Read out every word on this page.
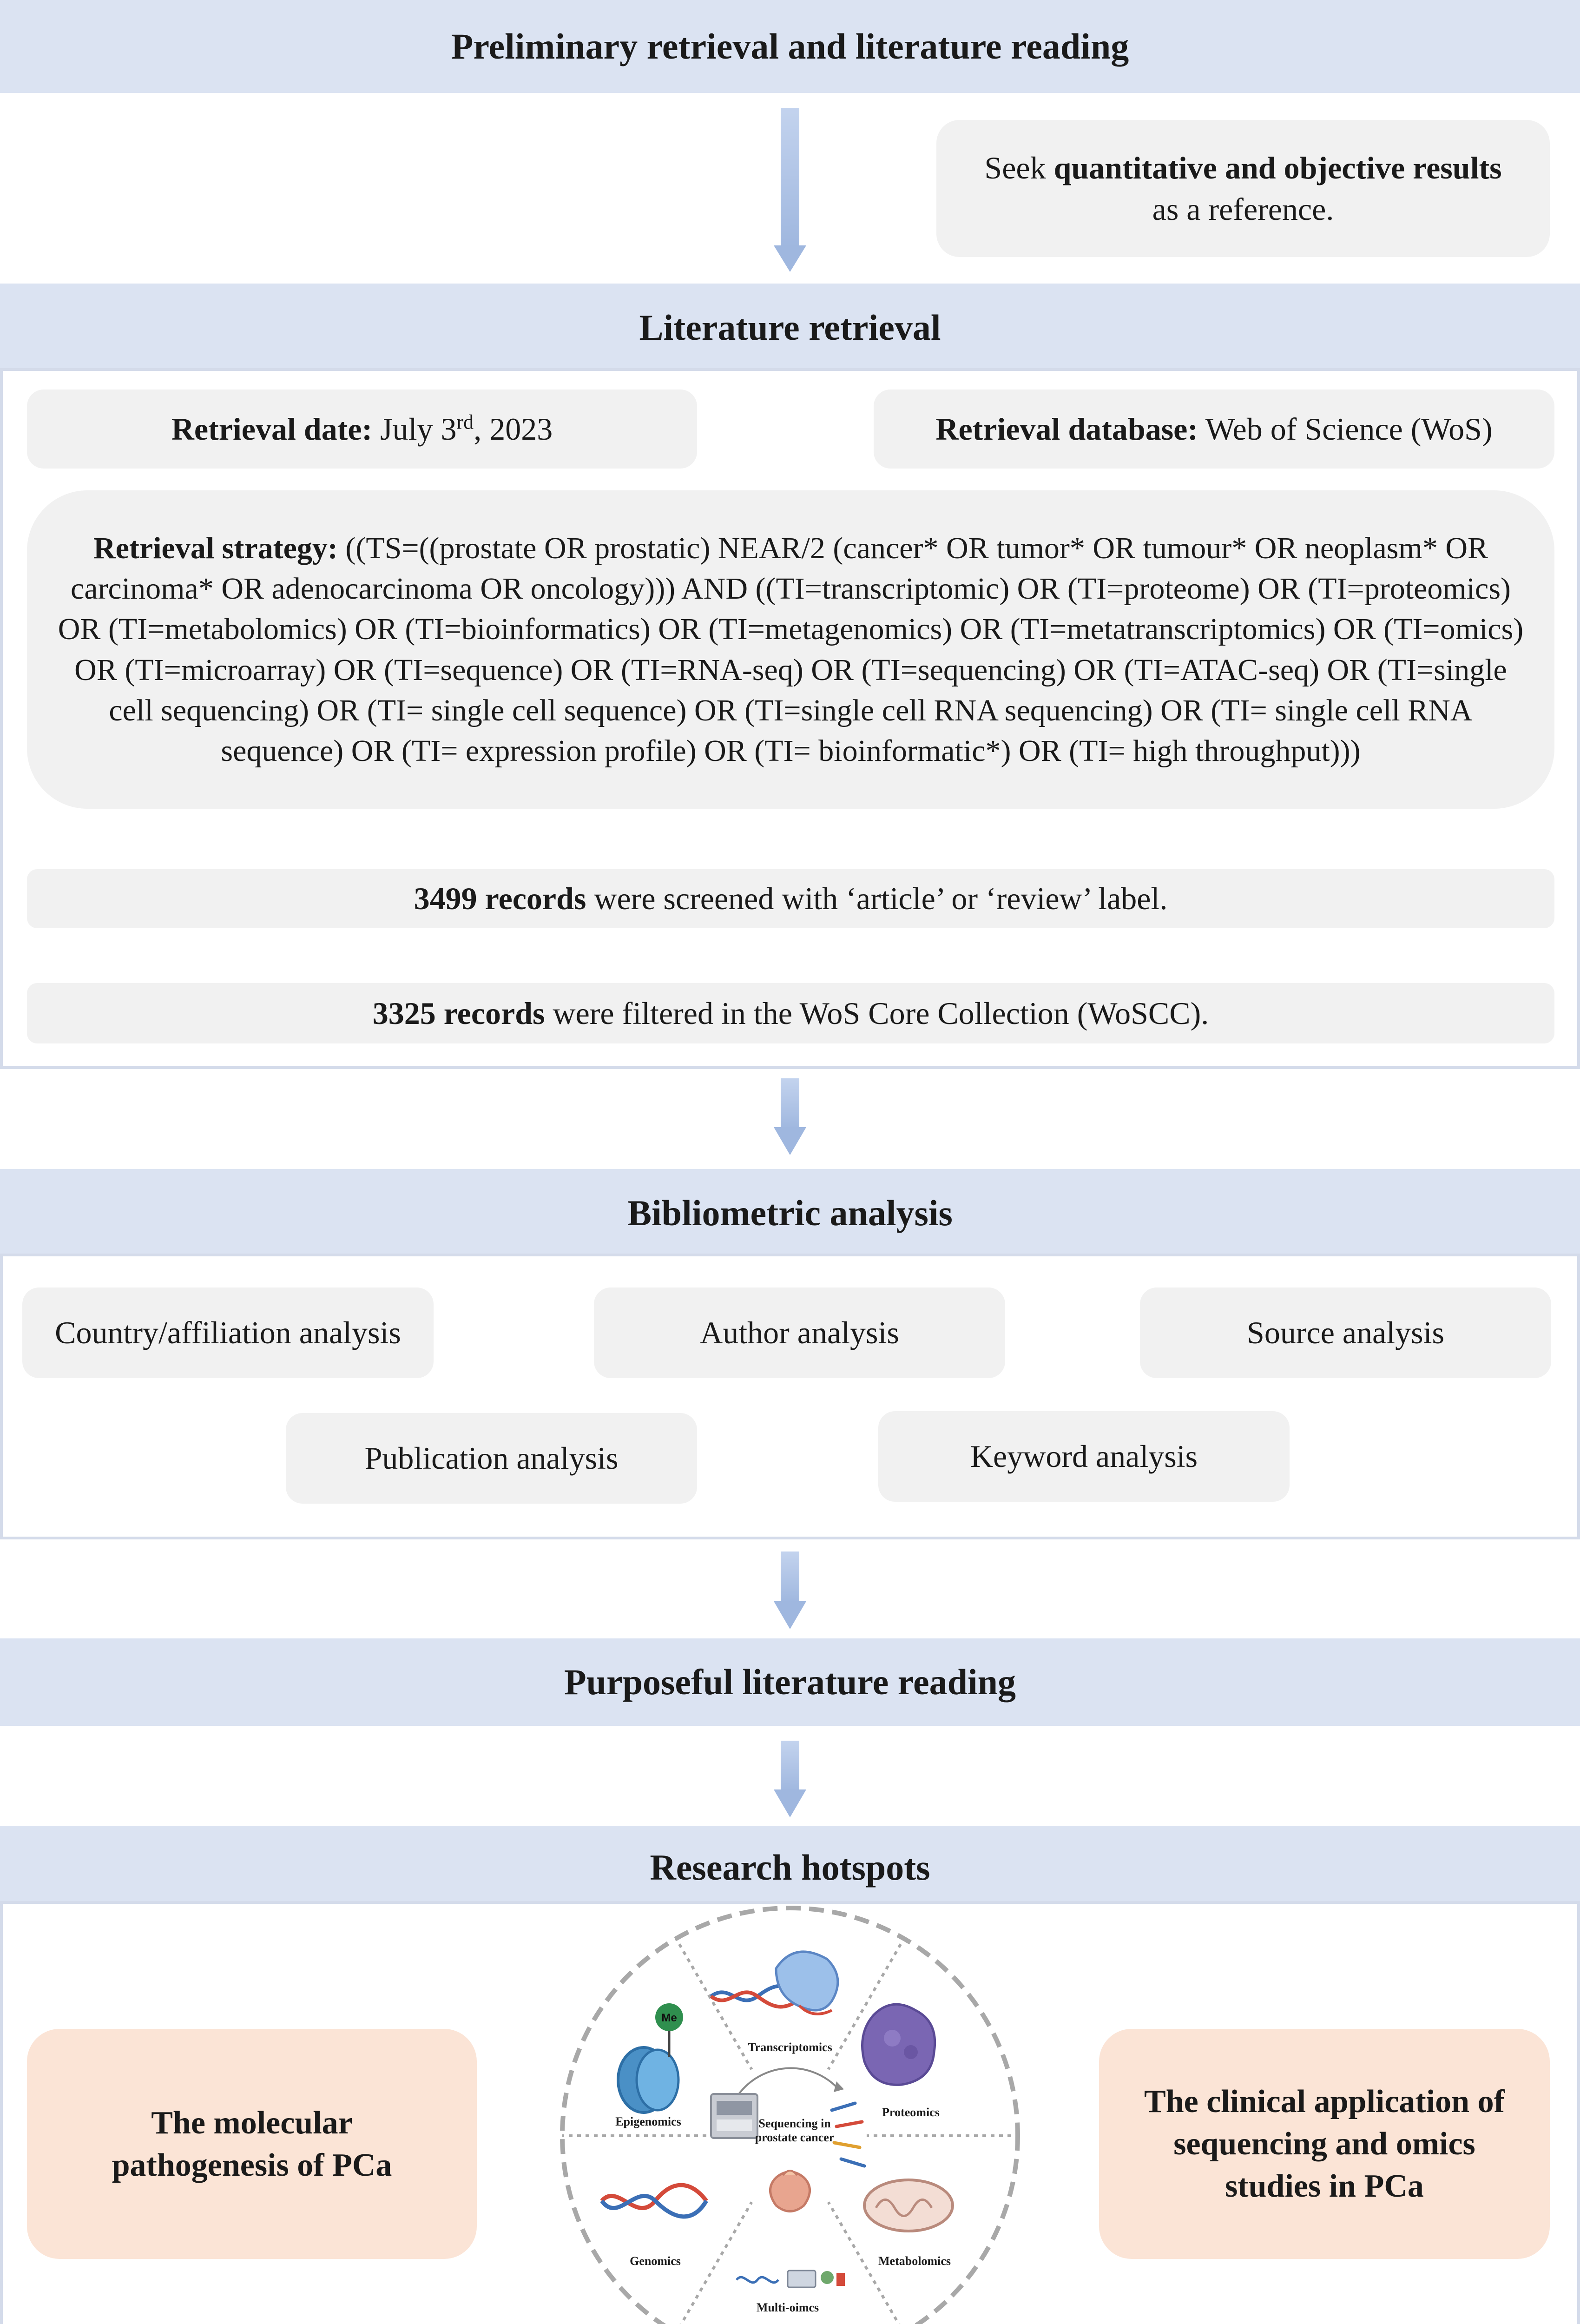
Preliminary retrieval and literature reading
Seek quantitative and objective results
as a reference.
Literature retrieval
Retrieval date: July 3rd, 2023	Retrieval database: Web of Science (WoS)
Retrieval strategy: ((TS=((prostate OR prostatic) NEAR/2 (cancer* OR tumor* OR tumour* OR neoplasm* OR carcinoma* OR adenocarcinoma OR oncology))) AND ((TI=transcriptomic) OR (TI=proteome) OR (TI=proteomics) OR (TI=metabolomics) OR (TI=bioinformatics) OR (TI=metagenomics) OR (TI=metatranscriptomics) OR (TI=omics) OR (TI=microarray) OR (TI=sequence) OR (TI=RNA-seq) OR (TI=sequencing) OR (TI=ATAC-seq) OR (TI=single cell sequencing) OR (TI= single cell sequence) OR (TI=single cell RNA sequencing) OR (TI= single cell RNA sequence) OR (TI= expression profile) OR (TI= bioinformatic*) OR (TI= high throughput)))
3499 records were screened with ‘article’ or ‘review’ label.
3325 records were filtered in the WoS Core Collection (WoSCC).
Bibliometric analysis
Country/affiliation analysis	Author analysis	Source analysis
Publication analysis	Keyword analysis
Purposeful literature reading
Research hotspots
The molecular pathogenesis of PCa
The clinical application of sequencing and omics studies in PCa
Transcriptomics
Proteomics
Me
Epigenomics	Sequencing in
prostate cancer
Genomics	Metabolomics
Multi-oimcs
